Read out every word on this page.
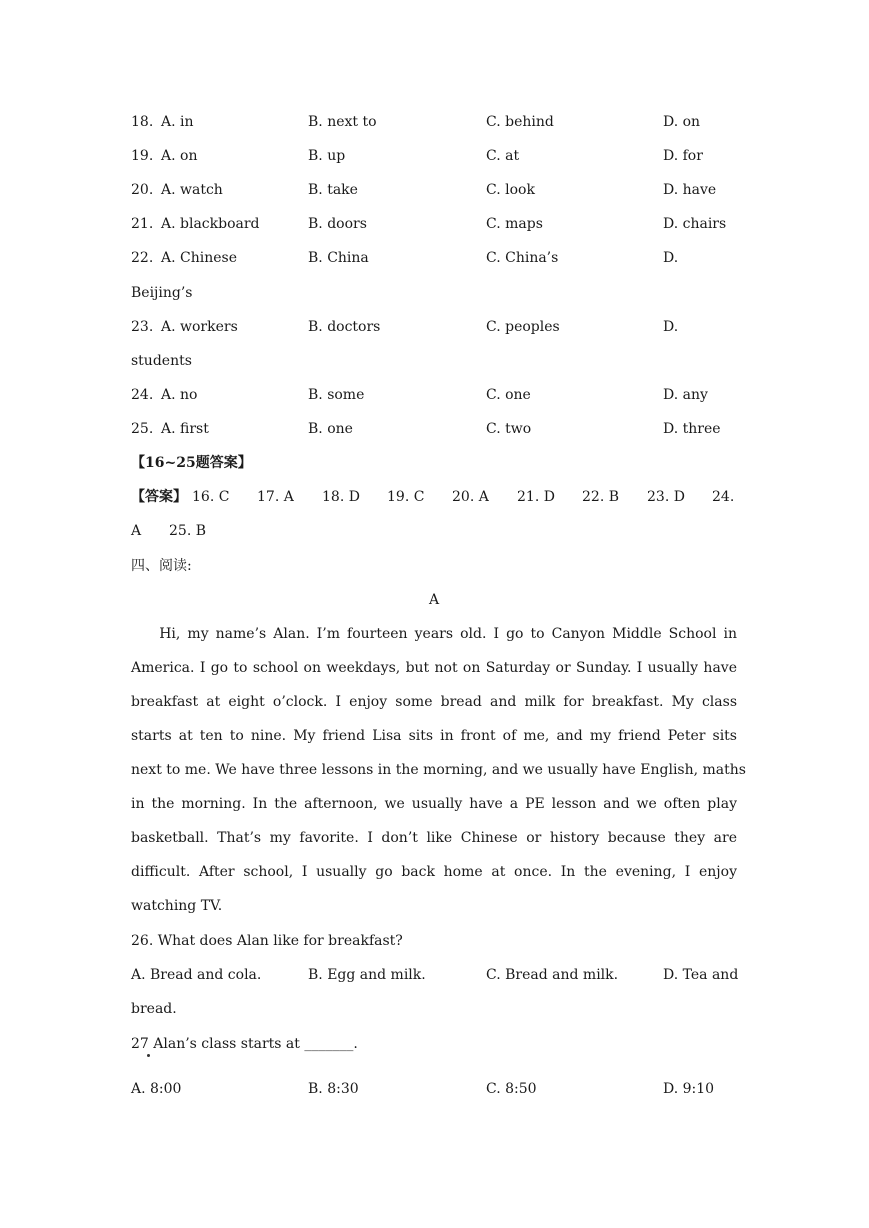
18. A. in	B. next to	C. behind	D. on
19. A. on	B. up	C. at	D. for
20. A. watch	B. take	C. look	D. have
21. A. blackboard	B. doors	C. maps	D. chairs
22. A. Chinese	B. China	C. China’s	D.
Beijing’s
23. A. workers	B. doctors	C. peoples	D.
students
24. A. no	B. some	C. one	D. any
25. A. first	B. one	C. two	D. three
【16~25题答案】
【答案】 16. C 17. A 18. D 19. C 20. A 21. D 22. B 23. D 24.
A 25. B
四、阅读:
A
Hi, my name’s Alan. I’m fourteen years old. I go to Canyon Middle School in
America. I go to school on weekdays, but not on Saturday or Sunday. I usually have
breakfast at eight o’clock. I enjoy some bread and milk for breakfast. My class
starts at ten to nine. My friend Lisa sits in front of me, and my friend Peter sits
next to me. We have three lessons in the morning, and we usually have English, maths
in the morning. In the afternoon, we usually have a PE lesson and we often play
basketball. That’s my favorite. I don’t like Chinese or history because they are
difficult. After school, I usually go back home at once. In the evening, I enjoy
watching TV.
26. What does Alan like for breakfast?
A. Bread and cola.	B. Egg and milk.	C. Bread and milk.	D. Tea and
bread.
27 Alan’s class starts at _______.
A. 8:00	B. 8:30	C. 8:50	D. 9:10
